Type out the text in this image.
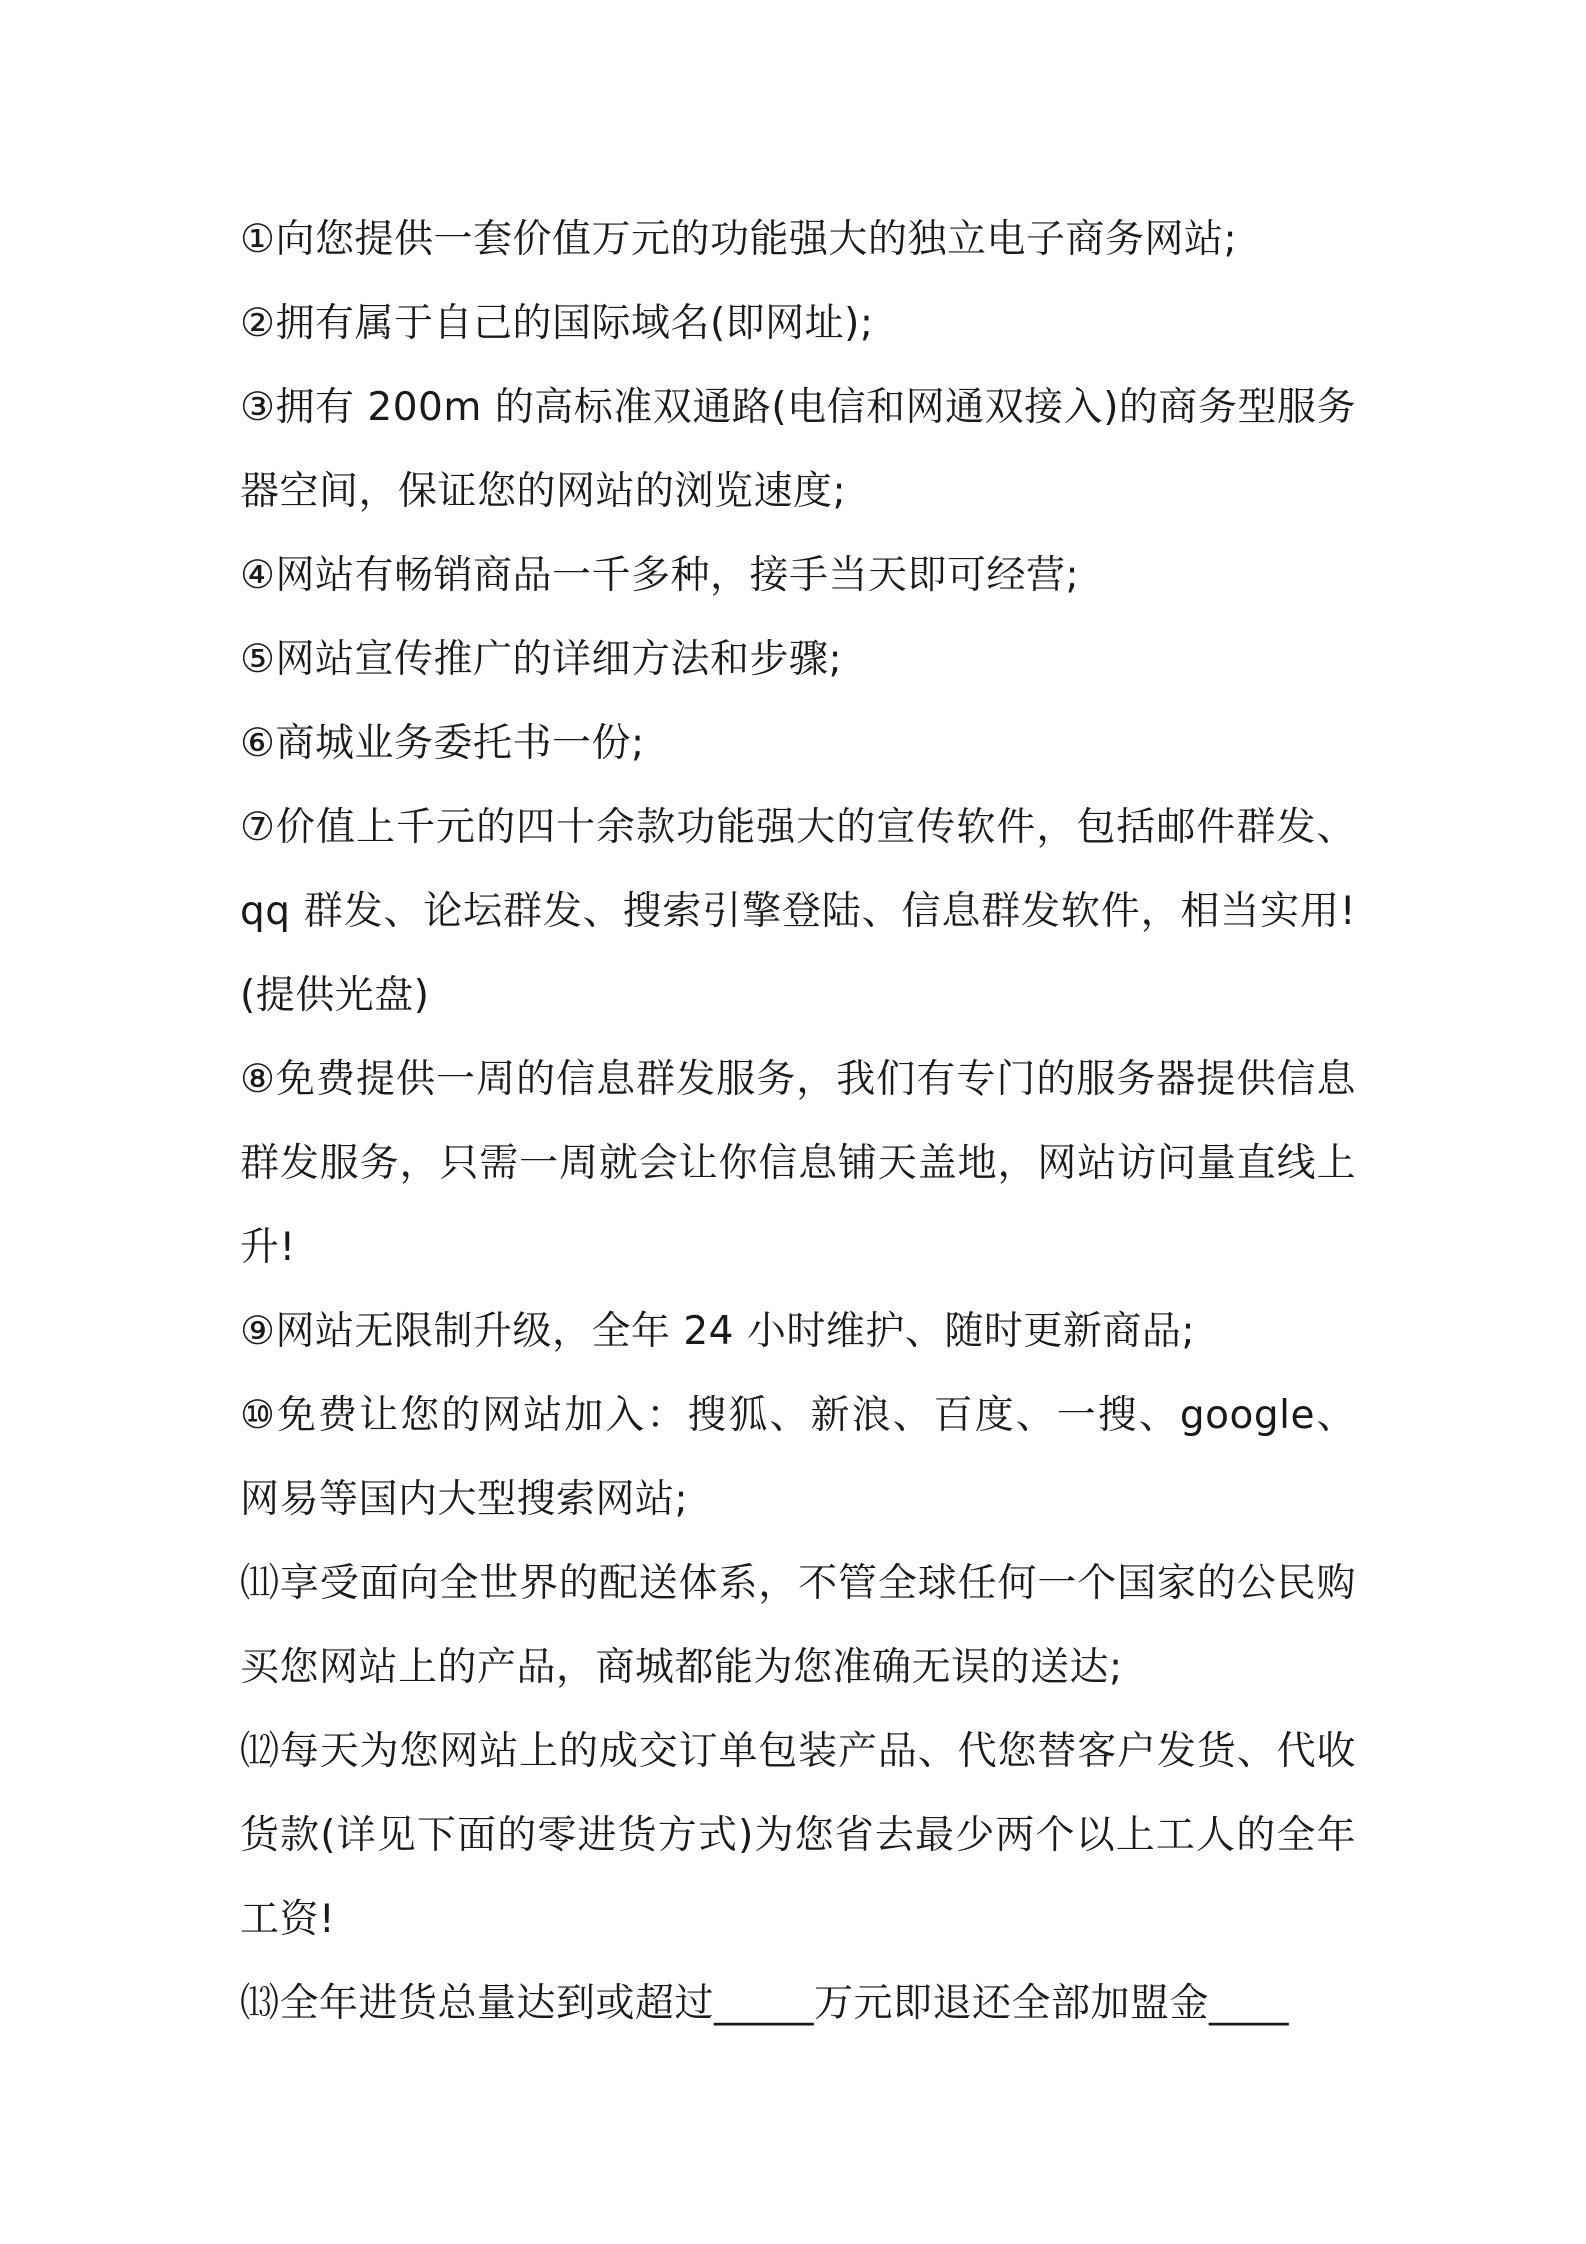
①向您提供一套价值万元的功能强大的独立电子商务网站;

②拥有属于自己的国际域名(即网址);

③拥有 200m 的高标准双通路(电信和网通双接入)的商务型服务器空间，保证您的网站的浏览速度;

④网站有畅销商品一千多种，接手当天即可经营;

⑤网站宣传推广的详细方法和步骤;

⑥商城业务委托书一份;

⑦价值上千元的四十余款功能强大的宣传软件，包括邮件群发、qq 群发、论坛群发、搜索引擎登陆、信息群发软件，相当实用!(提供光盘)

⑧免费提供一周的信息群发服务，我们有专门的服务器提供信息群发服务，只需一周就会让你信息铺天盖地，网站访问量直线上升!

⑨网站无限制升级，全年 24 小时维护、随时更新商品;

⑩免费让您的网站加入：搜狐、新浪、百度、一搜、google、网易等国内大型搜索网站;

⑾享受面向全世界的配送体系，不管全球任何一个国家的公民购买您网站上的产品，商城都能为您准确无误的送达;

⑿每天为您网站上的成交订单包装产品、代您替客户发货、代收货款(详见下面的零进货方式)为您省去最少两个以上工人的全年工资!

⒀全年进货总量达到或超过_____万元即退还全部加盟金____
